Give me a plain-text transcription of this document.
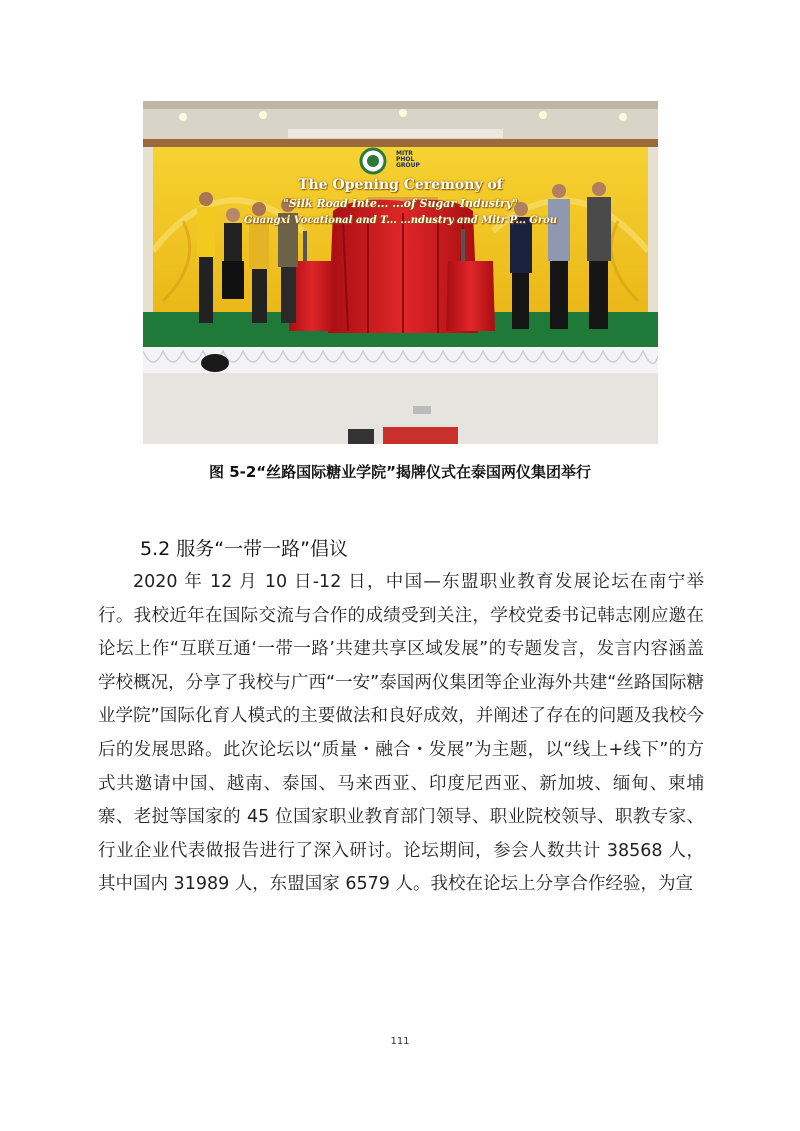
MITR PHOL GROUP
The Opening Ceremony of
"Silk Road Inte... ...of Sugar Industry"
Guangxi Vocational and T... ...ndustry and Mitr P... Grou
图 5-2“丝路国际糖业学院”揭牌仪式在泰国两仪集团举行
5.2 服务“一带一路”倡议

2020 年 12 月 10 日-12 日，中国—东盟职业教育发展论坛在南宁举行。我校近年在国际交流与合作的成绩受到关注，学校党委书记韩志刚应邀在论坛上作“互联互通‘一带一路’共建共享区域发展”的专题发言，发言内容涵盖学校概况，分享了我校与广西“一安”泰国两仪集团等企业海外共建“丝路国际糖业学院”国际化育人模式的主要做法和良好成效，并阐述了存在的问题及我校今后的发展思路。此次论坛以“质量・融合・发展”为主题，以“线上+线下”的方式共邀请中国、越南、泰国、马来西亚、印度尼西亚、新加坡、缅甸、柬埔寨、老挝等国家的 45 位国家职业教育部门领导、职业院校领导、职教专家、行业企业代表做报告进行了深入研讨。论坛期间，参会人数共计 38568 人，其中国内 31989 人，东盟国家 6579 人。我校在论坛上分享合作经验，为宣

111
